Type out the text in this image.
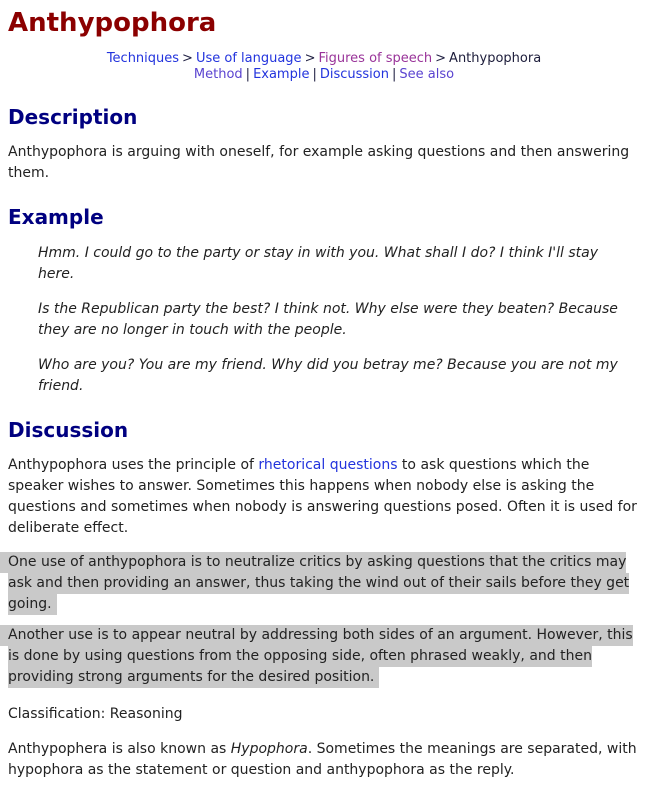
Anthypophora
Techniques > Use of language > Figures of speech > Anthypophora
Method | Example | Discussion | See also
Description

Anthypophora is arguing with oneself, for example asking questions and then answering them.

Example
Hmm. I could go to the party or stay in with you. What shall I do? I think I'll stay here.
Is the Republican party the best? I think not. Why else were they beaten? Because they are no longer in touch with the people.
Who are you? You are my friend. Why did you betray me? Because you are not my friend.
Discussion

Anthypophora uses the principle of rhetorical questions to ask questions which the speaker wishes to answer. Sometimes this happens when nobody else is asking the questions and sometimes when nobody is answering questions posed. Often it is used for deliberate effect.

One use of anthypophora is to neutralize critics by asking questions that the critics may ask and then providing an answer, thus taking the wind out of their sails before they get going.

Another use is to appear neutral by addressing both sides of an argument. However, this is done by using questions from the opposing side, often phrased weakly, and then providing strong arguments for the desired position.

Classification: Reasoning

Anthypophera is also known as Hypophora. Sometimes the meanings are separated, with hypophora as the statement or question and anthypophora as the reply.
